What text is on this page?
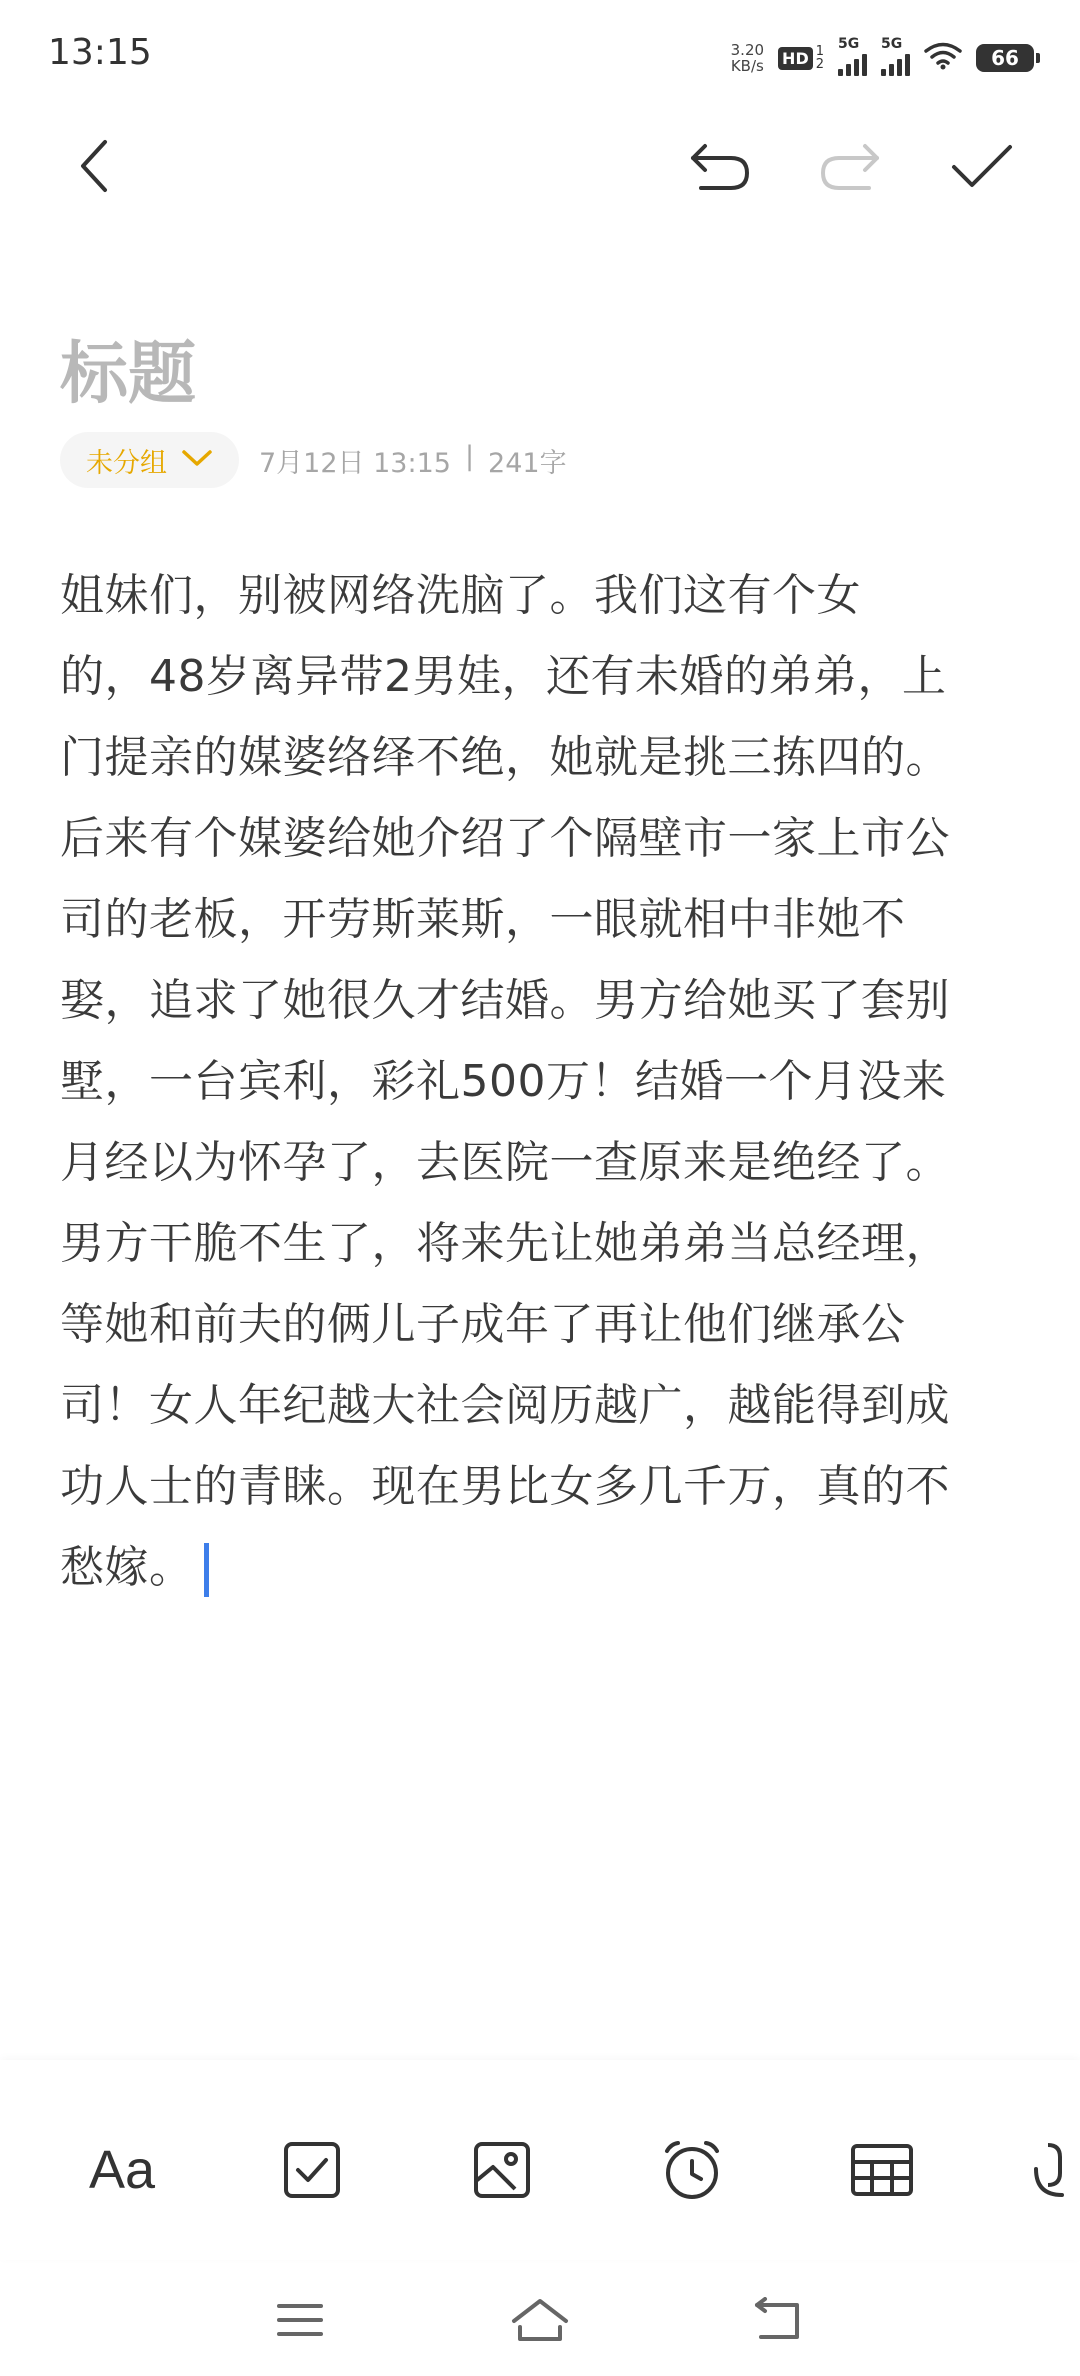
13:15	3.20
KB/s HD 1
2
5G 5G
66
标题
未分组	7月12日 13:15 | 241字
姐妹们，别被网络洗脑了。我们这有个女
的，48岁离异带2男娃，还有未婚的弟弟，上
门提亲的媒婆络绎不绝，她就是挑三拣四的。
后来有个媒婆给她介绍了个隔壁市一家上市公
司的老板，开劳斯莱斯，一眼就相中非她不
娶，追求了她很久才结婚。男方给她买了套别
墅，一台宾利，彩礼500万！结婚一个月没来
月经以为怀孕了，去医院一查原来是绝经了。
男方干脆不生了，将来先让她弟弟当总经理，
等她和前夫的俩儿子成年了再让他们继承公
司！女人年纪越大社会阅历越广，越能得到成
功人士的青睐。现在男比女多几千万，真的不
愁嫁。
Aa
